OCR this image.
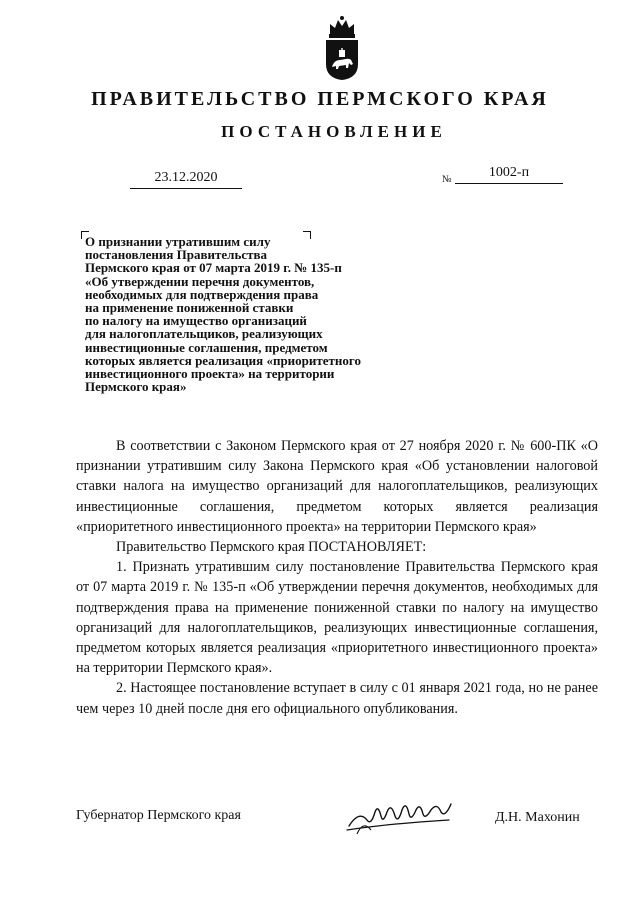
ПРАВИТЕЛЬСТВО ПЕРМСКОГО КРАЯ
ПОСТАНОВЛЕНИЕ
23.12.2020	№	1002-п
О признании утратившим силу
постановления Правительства
Пермского края от 07 марта 2019 г. № 135-п
«Об утверждении перечня документов,
необходимых для подтверждения права
на применение пониженной ставки
по налогу на имущество организаций
для налогоплательщиков, реализующих
инвестиционные соглашения, предметом
которых является реализация «приоритетного
инвестиционного проекта» на территории
Пермского края»

В соответствии с Законом Пермского края от 27 ноября 2020 г. № 600-ПК «О признании утратившим силу Закона Пермского края «Об установлении налоговой ставки налога на имущество организаций для налогоплательщиков, реализующих инвестиционные соглашения, предметом которых является реализация «приоритетного инвестиционного проекта» на территории Пермского края»

Правительство Пермского края ПОСТАНОВЛЯЕТ:

1. Признать утратившим силу постановление Правительства Пермского края от 07 марта 2019 г. № 135-п «Об утверждении перечня документов, необходимых для подтверждения права на применение пониженной ставки по налогу на имущество организаций для налогоплательщиков, реализующих инвестиционные соглашения, предметом которых является реализация «приоритетного инвестиционного проекта» на территории Пермского края».

2. Настоящее постановление вступает в силу с 01 января 2021 года, но не ранее чем через 10 дней после дня его официального опубликования.

Губернатор Пермского края	Д.Н. Махонин
